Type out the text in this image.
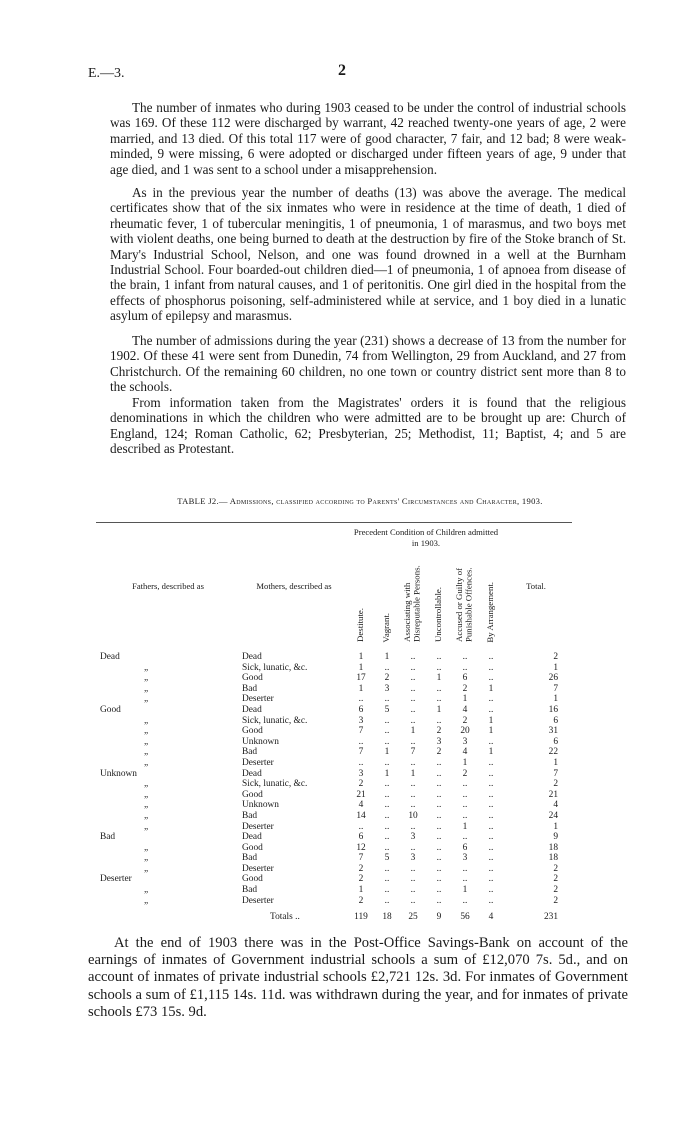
E.—3.	2

The number of inmates who during 1903 ceased to be under the control of industrial schools was 169. Of these 112 were discharged by warrant, 42 reached twenty-one years of age, 2 were married, and 13 died. Of this total 117 were of good character, 7 fair, and 12 bad; 8 were weak-minded, 9 were missing, 6 were adopted or discharged under fifteen years of age, 9 under that age died, and 1 was sent to a school under a misapprehension.

As in the previous year the number of deaths (13) was above the average. The medical certificates show that of the six inmates who were in residence at the time of death, 1 died of rheumatic fever, 1 of tubercular meningitis, 1 of pneumonia, 1 of marasmus, and two boys met with violent deaths, one being burned to death at the destruction by fire of the Stoke branch of St. Mary's Industrial School, Nelson, and one was found drowned in a well at the Burnham Industrial School. Four boarded-out children died—1 of pneumonia, 1 of apnoea from disease of the brain, 1 infant from natural causes, and 1 of peritonitis. One girl died in the hospital from the effects of phosphorus poisoning, self-administered while at service, and 1 boy died in a lunatic asylum of epilepsy and marasmus.

The number of admissions during the year (231) shows a decrease of 13 from the number for 1902. Of these 41 were sent from Dunedin, 74 from Wellington, 29 from Auckland, and 27 from Christchurch. Of the remaining 60 children, no one town or country district sent more than 8 to the schools.

From information taken from the Magistrates' orders it is found that the religious denominations in which the children who were admitted are to be brought up are: Church of England, 124; Roman Catholic, 62; Presbyterian, 25; Methodist, 11; Baptist, 4; and 5 are described as Protestant.

TABLE J2.— Admissions, classified according to Parents' Circumstances and Character, 1903.
Fathers, described as	Mothers, described as	Precedent Condition of Children admitted in 1903.						Total.
		Destitute.	Vagrant.	Associating with Disreputable Persons.	Uncontrollable.	Accused or Guilty of Punishable Offences.	By Arrangement.	

Dead	Dead	1	1	..	..	..	..	2
„	Sick, lunatic, &c.	1	..	..	..	..	..	1
„	Good	17	2	..	1	6	..	26
„	Bad	1	3	..	..	2	1	7
„	Deserter	..	..	..	..	1	..	1
Good	Dead	6	5	..	1	4	..	16
„	Sick, lunatic, &c.	3	..	..	..	2	1	6
„	Good	7	..	1	2	20	1	31
„	Unknown	..	..	..	3	3	..	6
„	Bad	7	1	7	2	4	1	22
„	Deserter	..	..	..	..	1	..	1
Unknown	Dead	3	1	1	..	2	..	7
„	Sick, lunatic, &c.	2	..	..	..	..	..	2
„	Good	21	..	..	..	..	..	21
„	Unknown	4	..	..	..	..	..	4
„	Bad	14	..	10	..	..	..	24
„	Deserter	..	..	..	..	1	..	1
Bad	Dead	6	..	3	..	..	..	9
„	Good	12	..	..	..	6	..	18
„	Bad	7	5	3	..	3	..	18
„	Deserter	2	..	..	..	..	..	2
Deserter	Good	2	..	..	..	..	..	2
„	Bad	1	..	..	..	1	..	2
„	Deserter	2	..	..	..	..	..	2

	Totals ..	119	18	25	9	56	4	231

At the end of 1903 there was in the Post-Office Savings-Bank on account of the earnings of inmates of Government industrial schools a sum of £12,070 7s. 5d., and on account of inmates of private industrial schools £2,721 12s. 3d. For inmates of Government schools a sum of £1,115 14s. 11d. was withdrawn during the year, and for inmates of private schools £73 15s. 9d.
